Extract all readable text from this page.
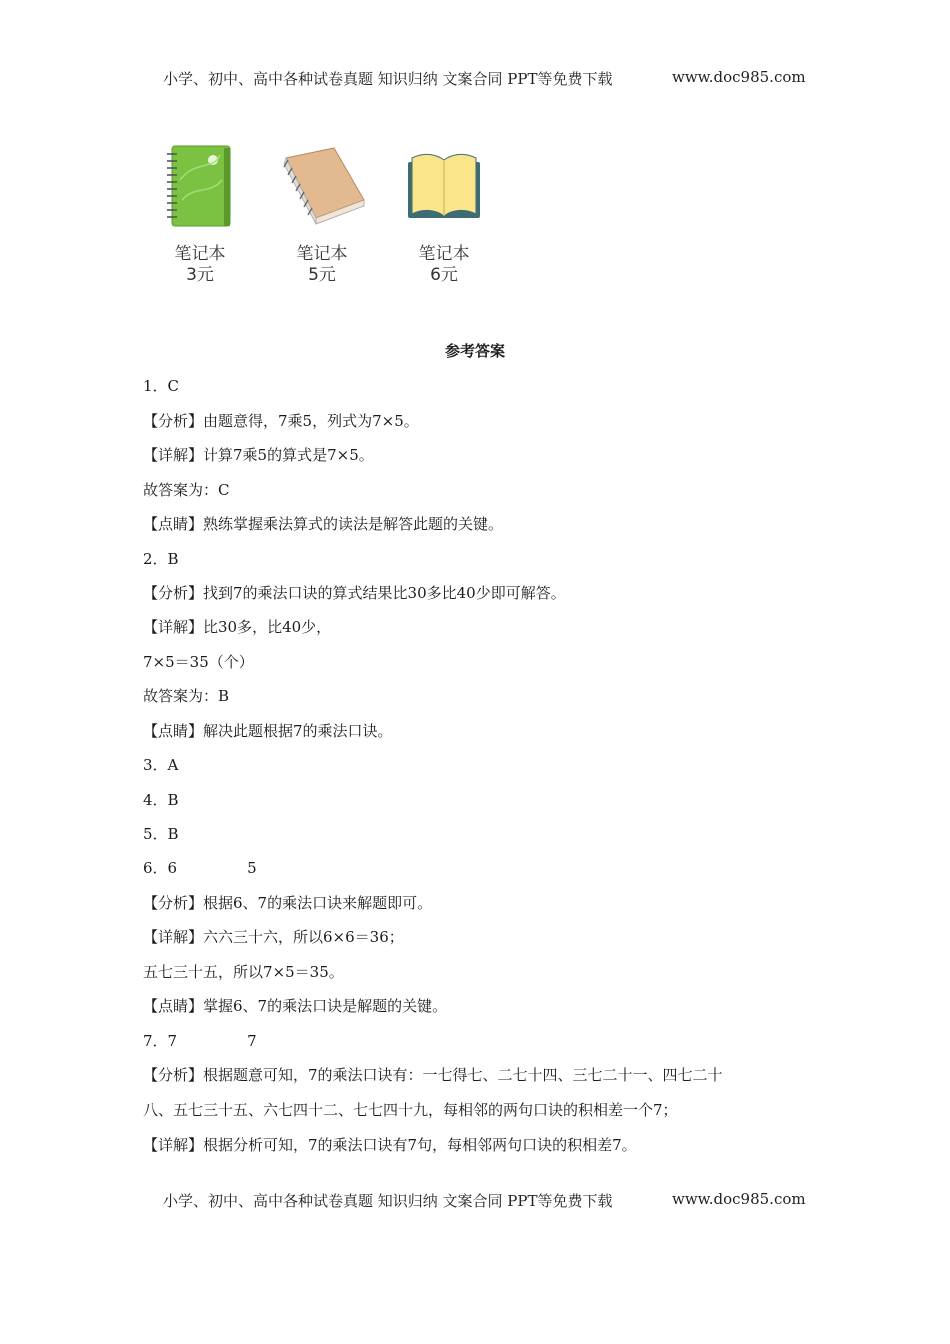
小学、初中、高中各种试卷真题 知识归纳 文案合同 PPT等免费下载	www.doc985.com
笔记本
3元
笔记本
5元
笔记本
6元
参考答案
1．C
【分析】由题意得，7乘5，列式为7×5。
【详解】计算7乘5的算式是7×5。
故答案为：C
【点睛】熟练掌握乘法算式的读法是解答此题的关键。
2．B
【分析】找到7的乘法口诀的算式结果比30多比40少即可解答。
【详解】比30多，比40少，
7×5＝35（个）
故答案为：B
【点睛】解决此题根据7的乘法口诀。
3．A
4．B
5．B
6．6	5
【分析】根据6、7的乘法口诀来解题即可。
【详解】六六三十六，所以6×6＝36；
五七三十五，所以7×5＝35。
【点睛】掌握6、7的乘法口诀是解题的关键。
7．7	7
【分析】根据题意可知，7的乘法口诀有：一七得七、二七十四、三七二十一、四七二十
八、五七三十五、六七四十二、七七四十九，每相邻的两句口诀的积相差一个7；
【详解】根据分析可知，7的乘法口诀有7句，每相邻两句口诀的积相差7。
小学、初中、高中各种试卷真题 知识归纳 文案合同 PPT等免费下载	www.doc985.com
